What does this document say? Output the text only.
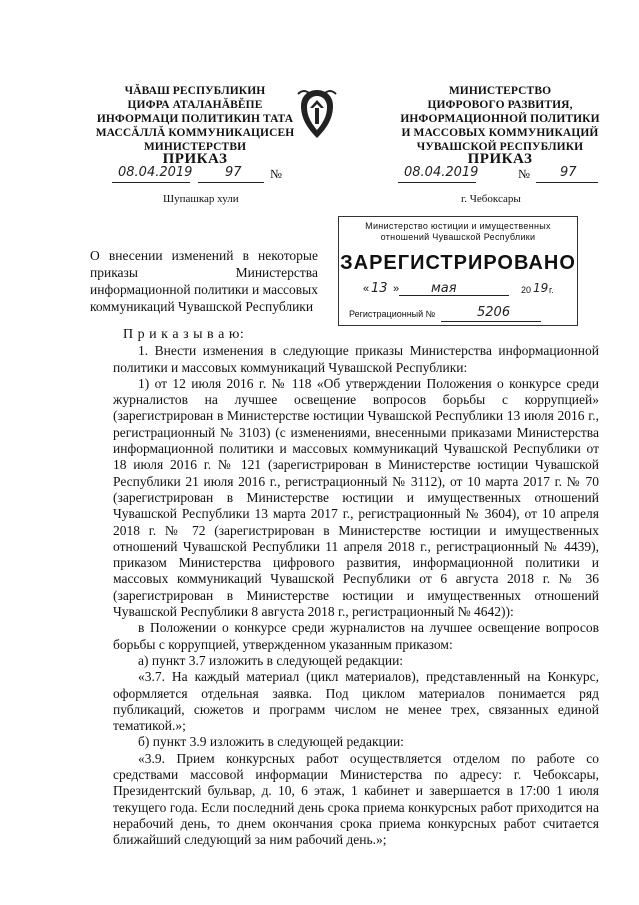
ЧĂВАШ РЕСПУБЛИКИН
ЦИФРА АТАЛАНĂВĔПЕ
ИНФОРМАЦИ ПОЛИТИКИН ТАТА
МАССĂЛЛĂ КОММУНИКАЦИСЕН
МИНИСТЕРСТВИ
ПРИКАЗ
08.04.2019	97 №
Шупашкар хули
МИНИСТЕРСТВО
ЦИФРОВОГО РАЗВИТИЯ,
ИНФОРМАЦИОННОЙ ПОЛИТИКИ
И МАССОВЫХ КОММУНИКАЦИЙ
ЧУВАШСКОЙ РЕСПУБЛИКИ
ПРИКАЗ
08.04.2019	№ 97
г. Чебоксары
О внесении изменений в некоторые приказы Министерства информационной политики и массовых коммуникаций Чувашской Республики
Министерство юстиции и имущественных
отношений Чувашской Республики
ЗАРЕГИСТРИРОВАНО
« 13 » мая	20 19 г.
Регистрационный №	5206
П р и к а з ы в а ю:

1. Внести изменения в следующие приказы Министерства информационной политики и массовых коммуникаций Чувашской Республики:

1) от 12 июля 2016 г. № 118 «Об утверждении Положения о конкурсе среди журналистов на лучшее освещение вопросов борьбы с коррупцией» (зарегистрирован в Министерстве юстиции Чувашской Республики 13 июля 2016 г., регистрационный № 3103) (с изменениями, внесенными приказами Министерства информационной политики и массовых коммуникаций Чувашской Республики от 18 июля 2016 г. № 121 (зарегистрирован в Министерстве юстиции Чувашской Республики 21 июля 2016 г., регистрационный № 3112), от 10 марта 2017 г. № 70 (зарегистрирован в Министерстве юстиции и имущественных отношений Чувашской Республики 13 марта 2017 г., регистрационный № 3604), от 10 апреля 2018 г. № 72 (зарегистрирован в Министерстве юстиции и имущественных отношений Чувашской Республики 11 апреля 2018 г., регистрационный № 4439), приказом Министерства цифрового развития, информационной политики и массовых коммуникаций Чувашской Республики от 6 августа 2018 г. № 36 (зарегистрирован в Министерстве юстиции и имущественных отношений Чувашской Республики 8 августа 2018 г., регистрационный № 4642)):

в Положении о конкурсе среди журналистов на лучшее освещение вопросов борьбы с коррупцией, утвержденном указанным приказом:

а) пункт 3.7 изложить в следующей редакции:

«3.7. На каждый материал (цикл материалов), представленный на Конкурс, оформляется отдельная заявка. Под циклом материалов понимается ряд публикаций, сюжетов и программ числом не менее трех, связанных единой тематикой.»;

б) пункт 3.9 изложить в следующей редакции:

«3.9. Прием конкурсных работ осуществляется отделом по работе со средствами массовой информации Министерства по адресу: г. Чебоксары, Президентский бульвар, д. 10, 6 этаж, 1 кабинет и завершается в 17:00 1 июля текущего года. Если последний день срока приема конкурсных работ приходится на нерабочий день, то днем окончания срока приема конкурсных работ считается ближайший следующий за ним рабочий день.»;
